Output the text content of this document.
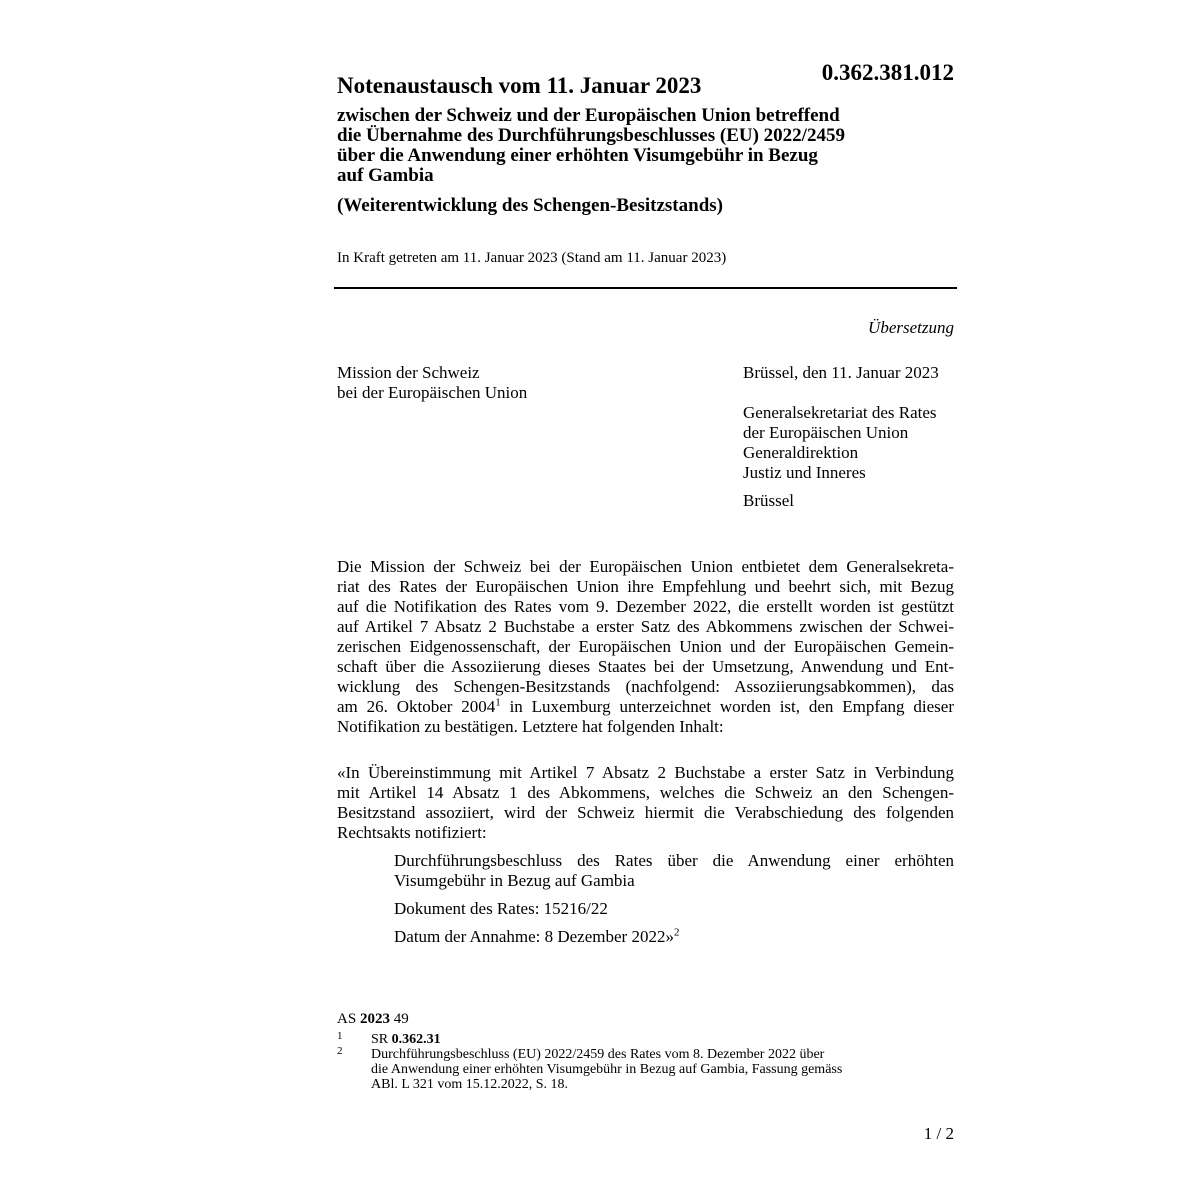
0.362.381.012
Notenaustausch vom 11. Januar 2023
zwischen der Schweiz und der Europäischen Union betreffend
die Übernahme des Durchführungsbeschlusses (EU) 2022/2459
über die Anwendung einer erhöhten Visumgebühr in Bezug
auf Gambia
(Weiterentwicklung des Schengen-Besitzstands)
In Kraft getreten am 11. Januar 2023 (Stand am 11. Januar 2023)
Übersetzung
Mission der Schweiz
bei der Europäischen Union
Brüssel, den 11. Januar 2023
Generalsekretariat des Rates
der Europäischen Union
Generaldirektion
Justiz und Inneres
Brüssel
Die Mission der Schweiz bei der Europäischen Union entbietet dem Generalsekreta-
riat des Rates der Europäischen Union ihre Empfehlung und beehrt sich, mit Bezug
auf die Notifikation des Rates vom 9. Dezember 2022, die erstellt worden ist gestützt
auf Artikel 7 Absatz 2 Buchstabe a erster Satz des Abkommens zwischen der Schwei-
zerischen Eidgenossenschaft, der Europäischen Union und der Europäischen Gemein-
schaft über die Assoziierung dieses Staates bei der Umsetzung, Anwendung und Ent-
wicklung des Schengen-Besitzstands (nachfolgend: Assoziierungsabkommen), das
am 26. Oktober 2004$^1$ in Luxemburg unterzeichnet worden ist, den Empfang dieser
Notifikation zu bestätigen. Letztere hat folgenden Inhalt:
«In Übereinstimmung mit Artikel 7 Absatz 2 Buchstabe a erster Satz in Verbindung
mit Artikel 14 Absatz 1 des Abkommens, welches die Schweiz an den Schengen-
Besitzstand assoziiert, wird der Schweiz hiermit die Verabschiedung des folgenden
Rechtsakts notifiziert:
Durchführungsbeschluss des Rates über die Anwendung einer erhöhten
Visumgebühr in Bezug auf Gambia
Dokument des Rates: 15216/22
Datum der Annahme: 8 Dezember 2022»$^2$
AS 2023 49
1 SR 0.362.31
2 Durchführungsbeschluss (EU) 2022/2459 des Rates vom 8. Dezember 2022 über
die Anwendung einer erhöhten Visumgebühr in Bezug auf Gambia, Fassung gemäss
ABl. L 321 vom 15.12.2022, S. 18.
1 / 2
